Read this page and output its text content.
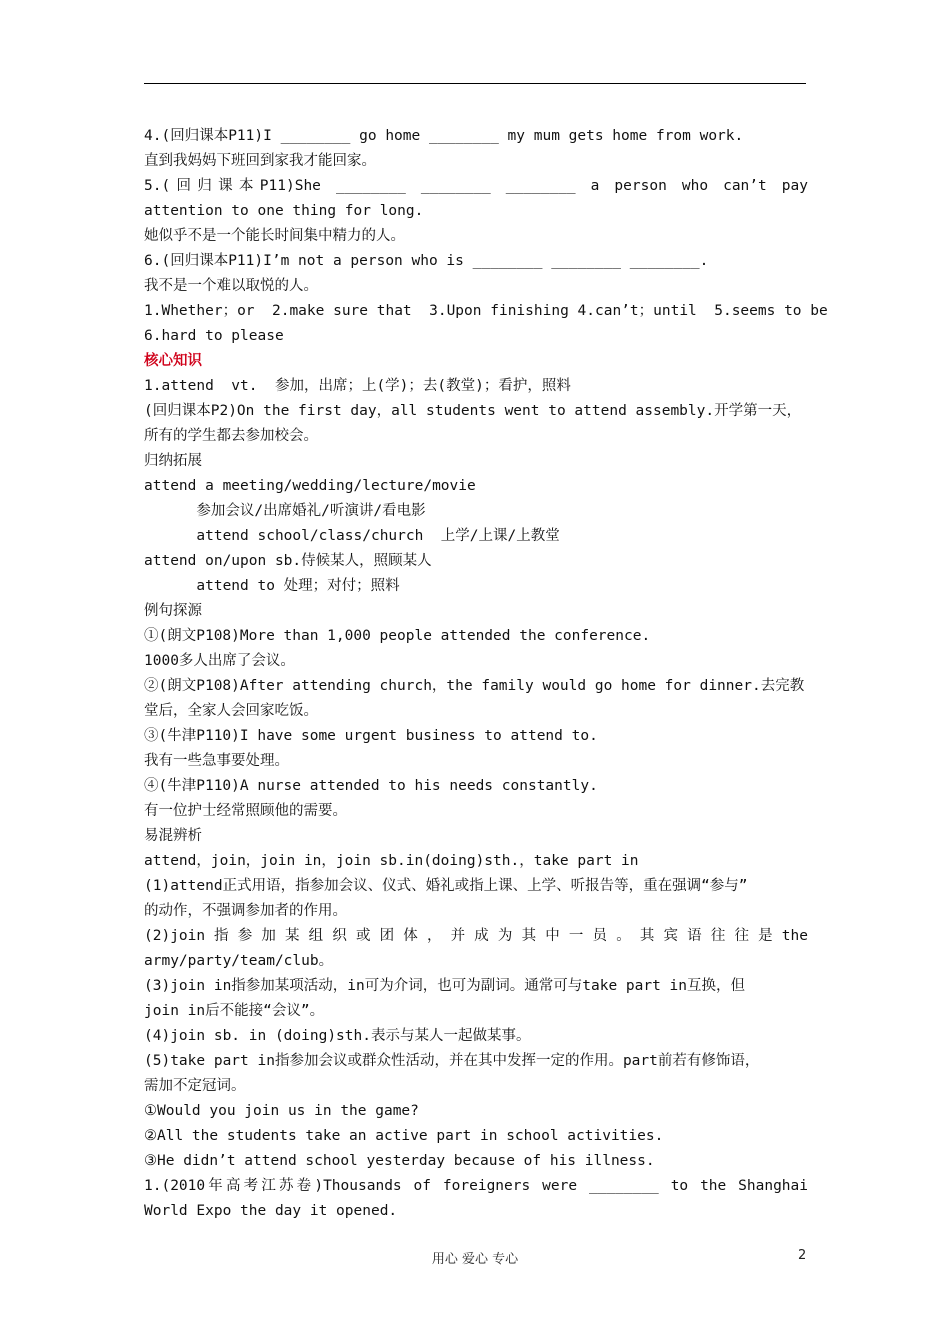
4.(回归课本P11)I ________ go home ________ my mum gets home from work.
直到我妈妈下班回到家我才能回家。
5.(回归课本P11)She ________ ________ ________ a person who can’t pay
attention to one thing for long.
她似乎不是一个能长时间集中精力的人。
6.(回归课本P11)I’m not a person who is ________ ________ ________.
我不是一个难以取悦的人。
1.Whether；or  2.make sure that  3.Upon finishing 4.can’t；until  5.seems to be
6.hard to please
核心知识
1.attend  vt.  参加，出席；上(学)；去(教堂)；看护，照料
(回归课本P2)On the first day，all students went to attend assembly.开学第一天，
所有的学生都去参加校会。
归纳拓展
attend a meeting/wedding/lecture/movie
参加会议/出席婚礼/听演讲/看电影
attend school/class/church  上学/上课/上教堂
attend on/upon sb.侍候某人，照顾某人
attend to 处理；对付；照料
例句探源
①(朗文P108)More than 1,000 people attended the conference.
1000多人出席了会议。
②(朗文P108)After attending church，the family would go home for dinner.去完教
堂后，全家人会回家吃饭。
③(牛津P110)I have some urgent business to attend to.
我有一些急事要处理。
④(牛津P110)A nurse attended to his needs constantly.
有一位护士经常照顾他的需要。
易混辨析
attend，join，join in，join sb.in(doing)sth.，take part in
(1)attend正式用语，指参加会议、仪式、婚礼或指上课、上学、听报告等，重在强调“参与”
的动作，不强调参加者的作用。
(2)join 指 参 加 某 组 织 或 团 体 ， 并 成 为 其 中 一 员 。 其 宾 语 往 往 是 the
army/party/team/club。
(3)join in指参加某项活动，in可为介词，也可为副词。通常可与take part in互换，但
join in后不能接“会议”。
(4)join sb. in (doing)sth.表示与某人一起做某事。
(5)take part in指参加会议或群众性活动，并在其中发挥一定的作用。part前若有修饰语，
需加不定冠词。
①Would you join us in the game?
②All the students take an active part in school activities.
③He didn’t attend school yesterday because of his illness.
1.(2010年高考江苏卷)Thousands of foreigners were ________ to the Shanghai
World Expo the day it opened.
用心 爱心 专心	2
